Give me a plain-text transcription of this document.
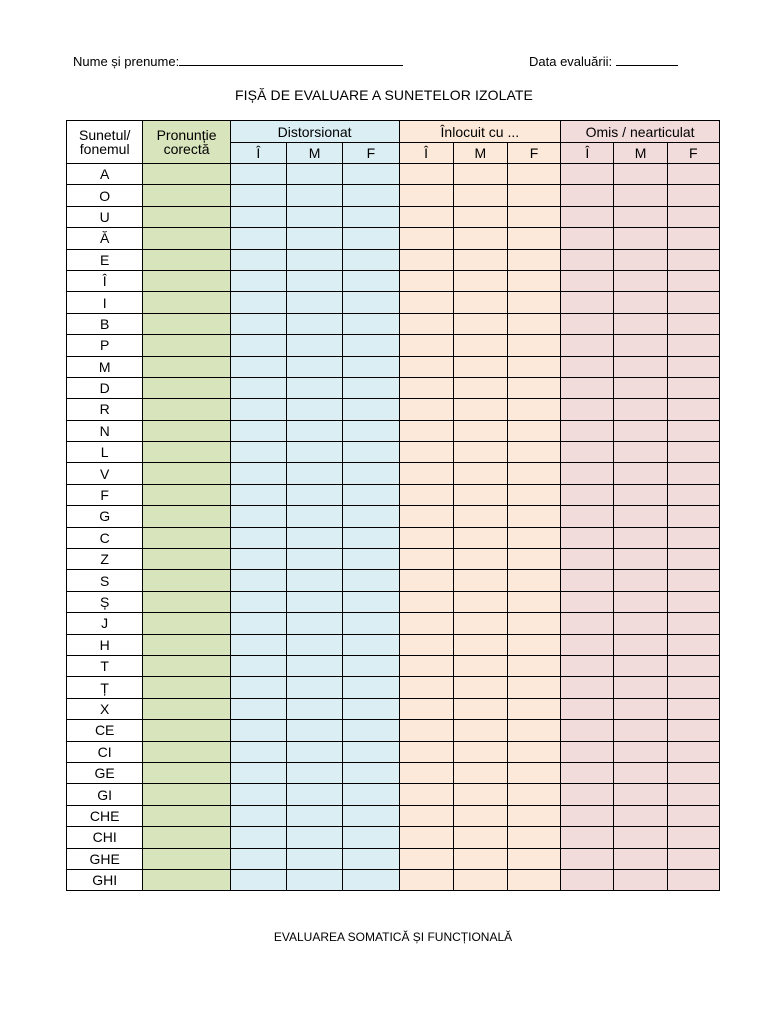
Nume și prenume:	Data evaluării:
FIȘĂ DE EVALUARE A SUNETELOR IZOLATE
Sunetul/ fonemul	Pronunție corectă	Distorsionat			Înlocuit cu ...			Omis / nearticulat		
		Î	M	F	Î	M	F	Î	M	F
A										
O										
U										
Ă										
E										
Î										
I										
B										
P										
M										
D										
R										
N										
L										
V										
F										
G										
C										
Z										
S										
Ș										
J										
H										
T										
Ț										
X										
CE										
CI										
GE										
GI										
CHE										
CHI										
GHE										
GHI										
EVALUAREA SOMATICĂ ȘI FUNCȚIONALĂ
